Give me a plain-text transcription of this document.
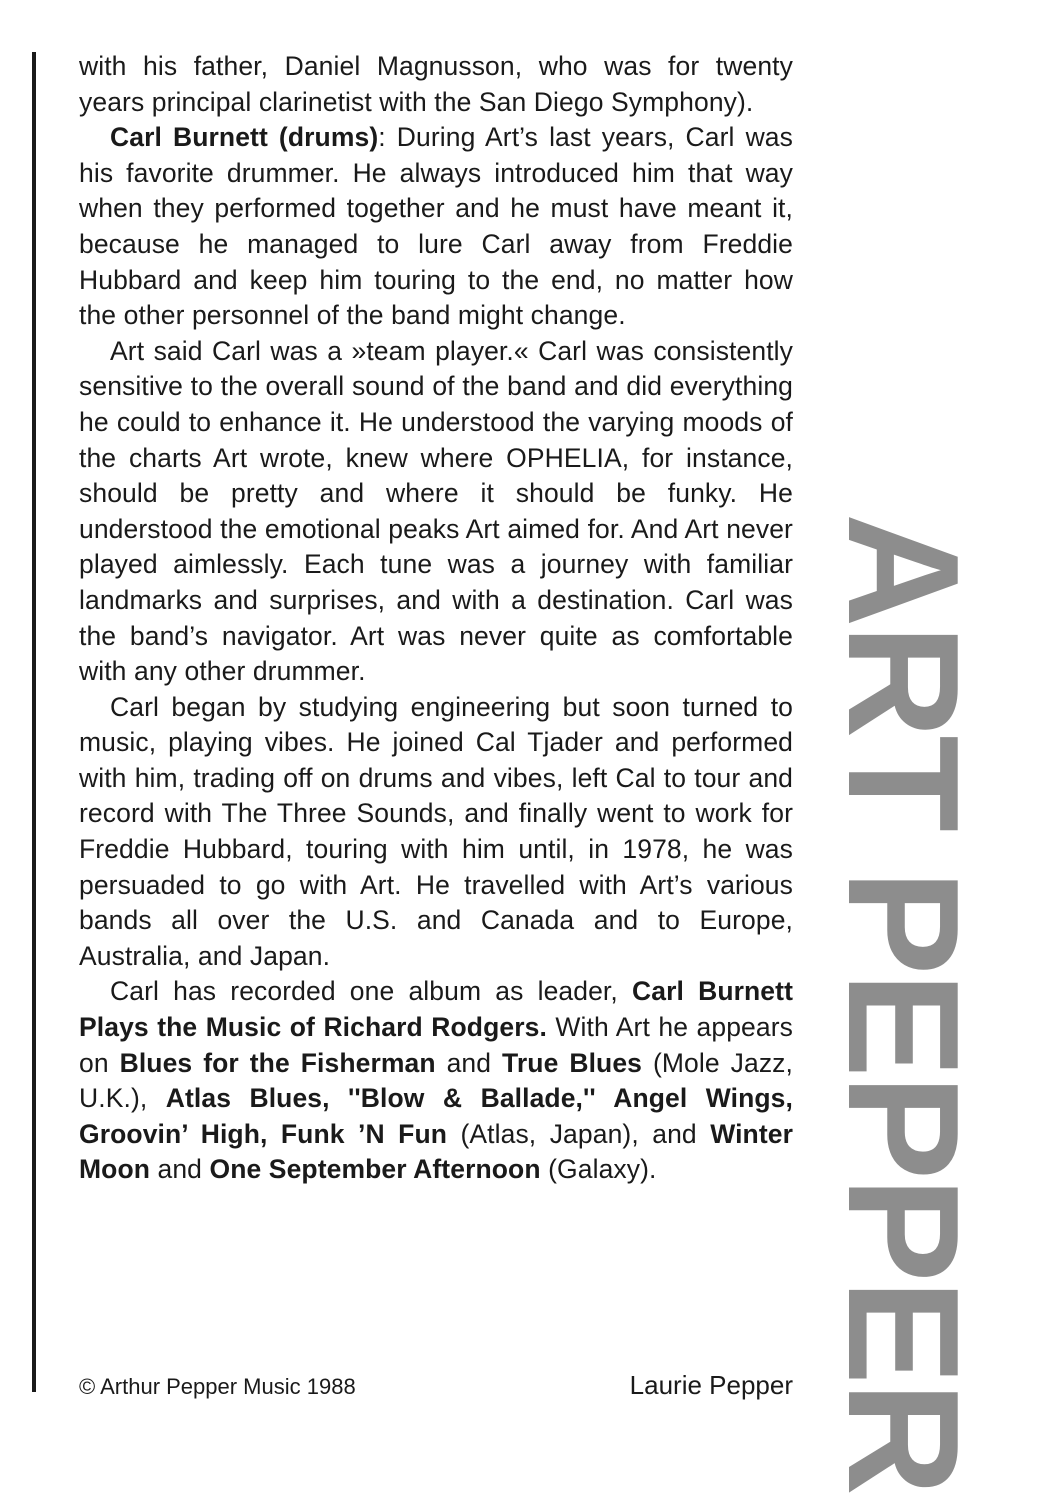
with his father, Daniel Magnusson, who was for twenty years principal clarinetist with the San Diego Symphony).

Carl Burnett (drums): During Art’s last years, Carl was his favorite drummer. He always introduced him that way when they performed together and he must have meant it, because he managed to lure Carl away from Freddie Hubbard and keep him touring to the end, no matter how the other personnel of the band might change.

Art said Carl was a »team player.« Carl was consistently sensitive to the overall sound of the band and did everything he could to enhance it. He understood the varying moods of the charts Art wrote, knew where OPHELIA, for instance, should be pretty and where it should be funky. He understood the emotional peaks Art aimed for. And Art never played aimlessly. Each tune was a journey with familiar landmarks and surprises, and with a destination. Carl was the band’s navigator. Art was never quite as comfortable with any other drummer.

Carl began by studying engineering but soon turned to music, playing vibes. He joined Cal Tjader and performed with him, trading off on drums and vibes, left Cal to tour and record with The Three Sounds, and finally went to work for Freddie Hubbard, touring with him until, in 1978, he was persuaded to go with Art. He travelled with Art’s various bands all over the U.S. and Canada and to Europe, Australia, and Japan.

Carl has recorded one album as leader, Carl Burnett Plays the Music of Richard Rodgers. With Art he appears on Blues for the Fisherman and True Blues (Mole Jazz, U.K.), Atlas Blues, ''Blow & Ballade,'' Angel Wings, Groovin’ High, Funk ’N Fun (Atlas, Japan), and Winter Moon and One September Afternoon (Galaxy).

© Arthur Pepper Music 1988	Laurie Pepper ART PEPPER
